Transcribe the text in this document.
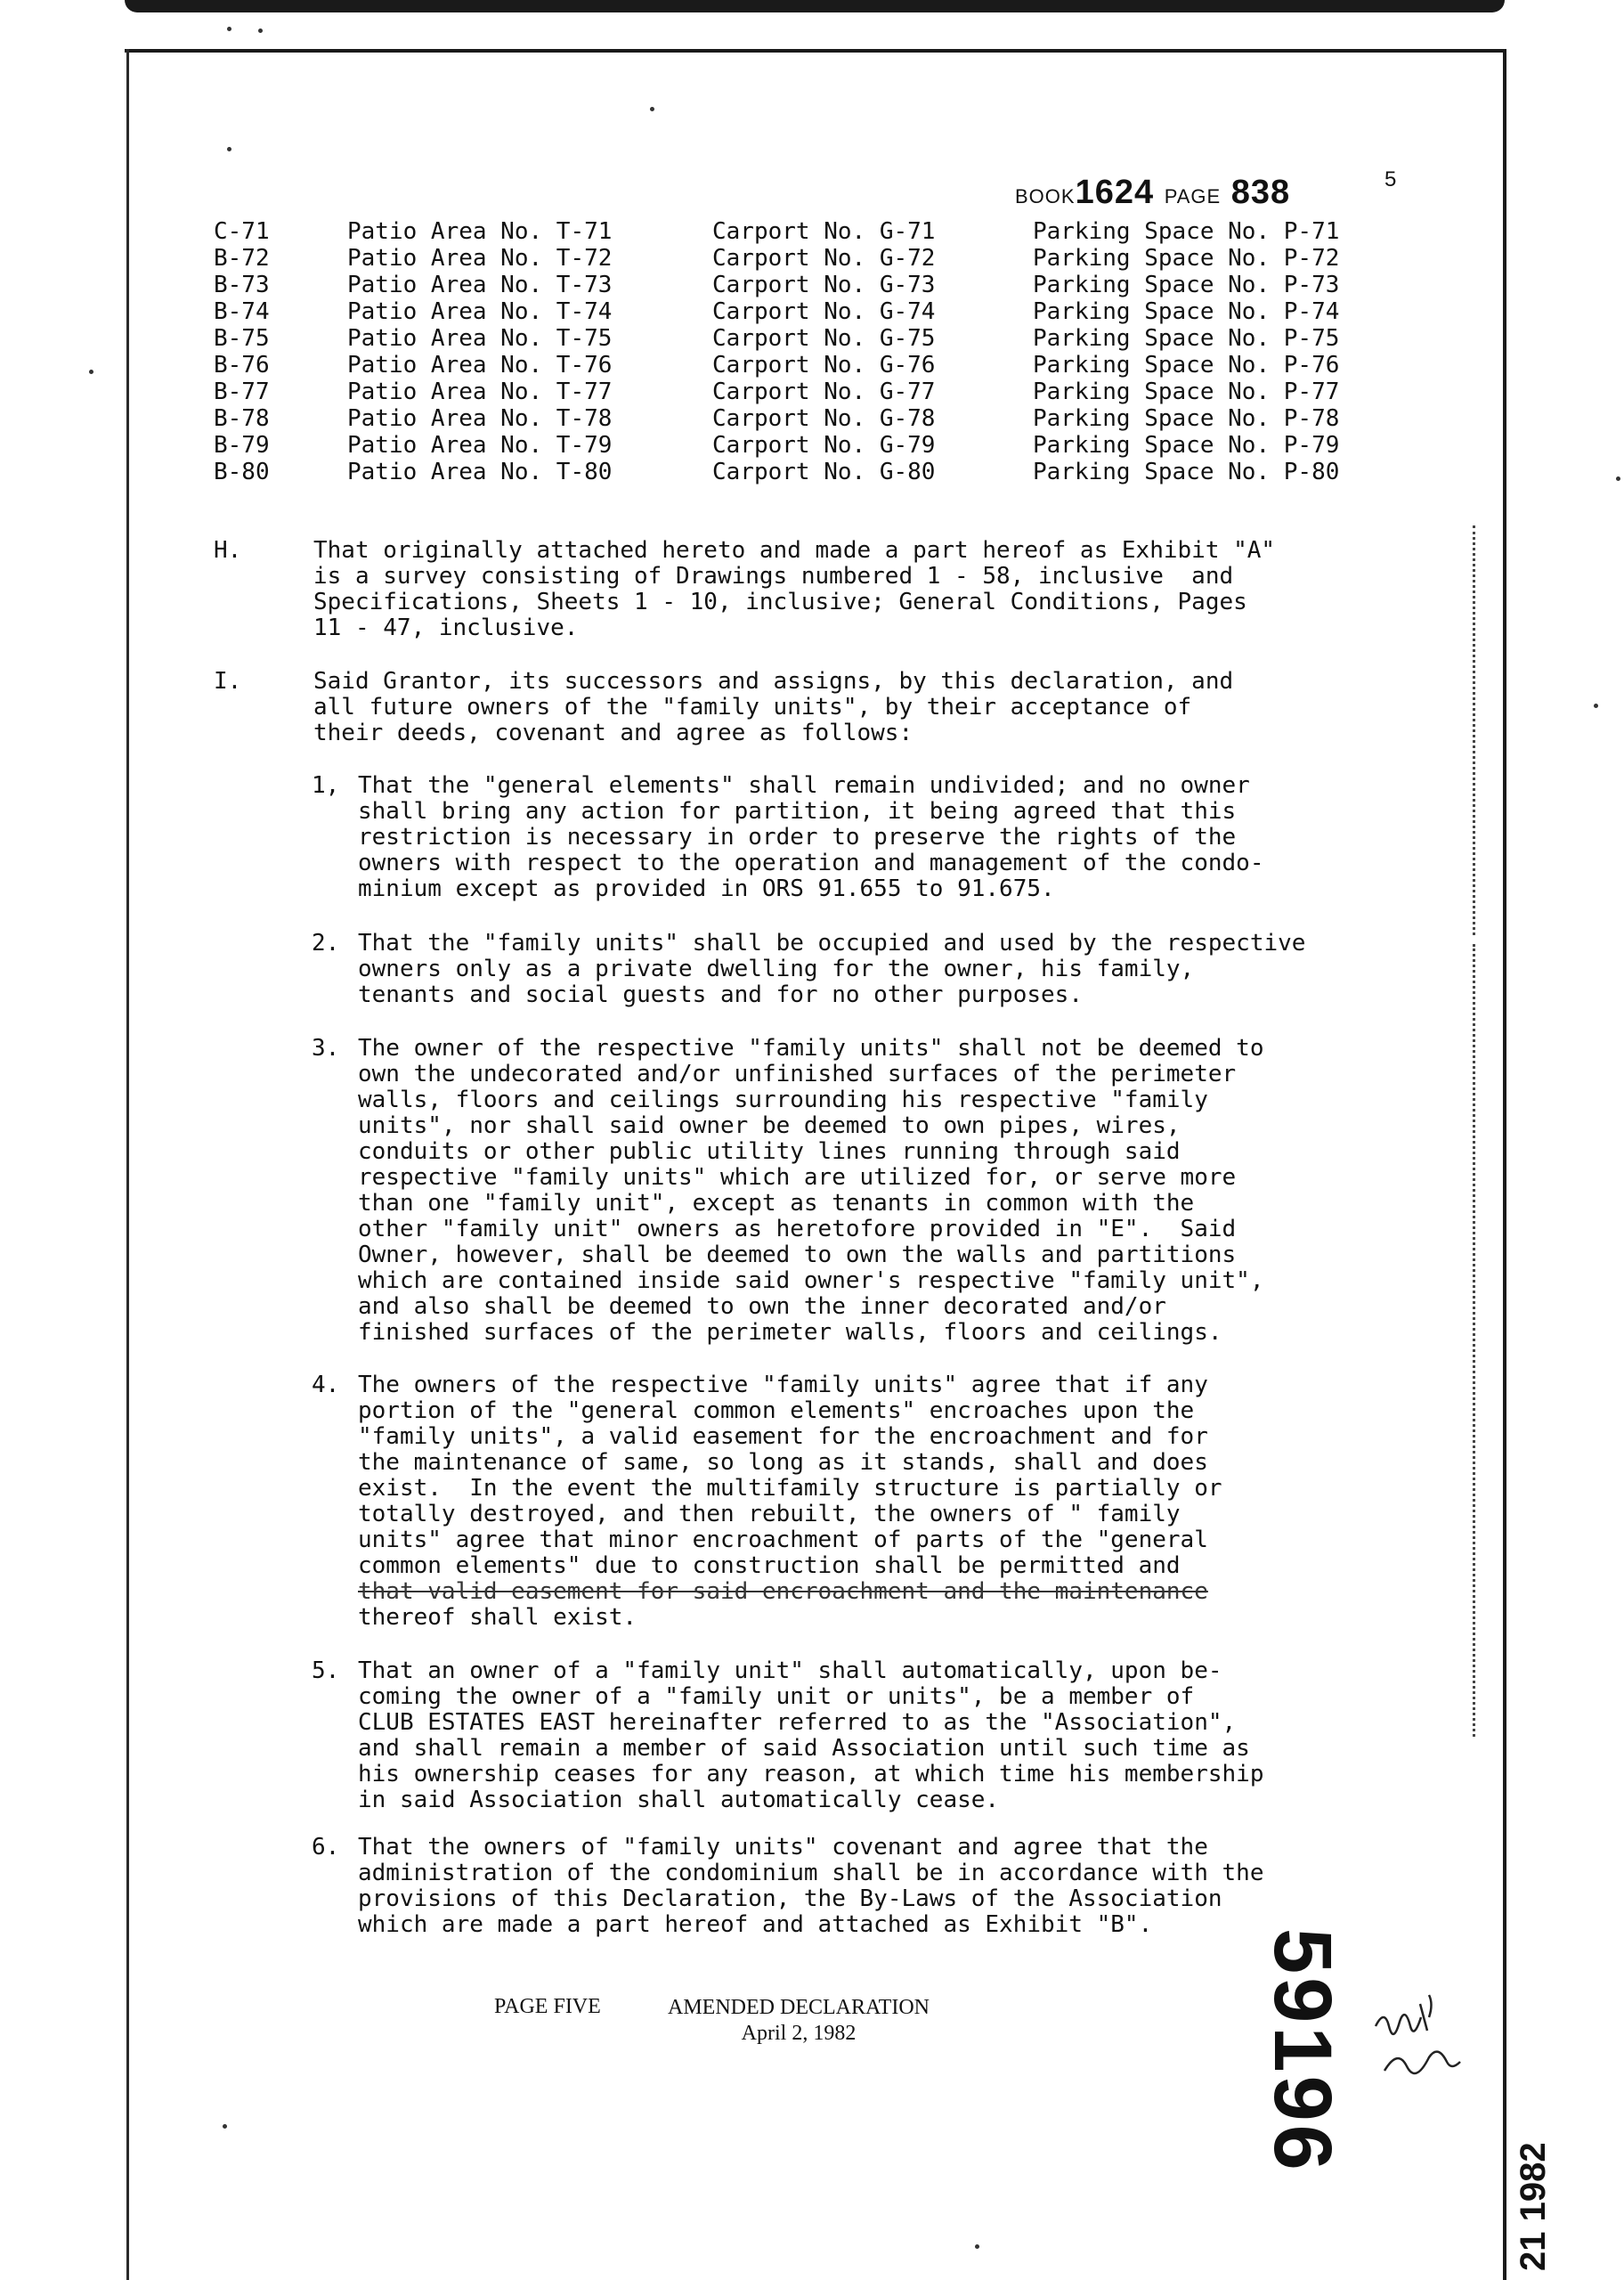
BOOK1624 PAGE 838	5
C-71	Patio Area No. T-71	Carport No. G-71	Parking Space No. P-71
B-72	Patio Area No. T-72	Carport No. G-72	Parking Space No. P-72
B-73	Patio Area No. T-73	Carport No. G-73	Parking Space No. P-73
B-74	Patio Area No. T-74	Carport No. G-74	Parking Space No. P-74
B-75	Patio Area No. T-75	Carport No. G-75	Parking Space No. P-75
B-76	Patio Area No. T-76	Carport No. G-76	Parking Space No. P-76
B-77	Patio Area No. T-77	Carport No. G-77	Parking Space No. P-77
B-78	Patio Area No. T-78	Carport No. G-78	Parking Space No. P-78
B-79	Patio Area No. T-79	Carport No. G-79	Parking Space No. P-79
B-80	Patio Area No. T-80	Carport No. G-80	Parking Space No. P-80
H.	That originally attached hereto and made a part hereof as Exhibit "A"
is a survey consisting of Drawings numbered 1 - 58, inclusive  and
Specifications, Sheets 1 - 10, inclusive; General Conditions, Pages
11 - 47, inclusive.
I.	Said Grantor, its successors and assigns, by this declaration, and
all future owners of the "family units", by their acceptance of
their deeds, covenant and agree as follows:
1, That the "general elements" shall remain undivided; and no owner
shall bring any action for partition, it being agreed that this
restriction is necessary in order to preserve the rights of the
owners with respect to the operation and management of the condo-
minium except as provided in ORS 91.655 to 91.675.
2. That the "family units" shall be occupied and used by the respective
owners only as a private dwelling for the owner, his family,
tenants and social guests and for no other purposes.
3. The owner of the respective "family units" shall not be deemed to
own the undecorated and/or unfinished surfaces of the perimeter
walls, floors and ceilings surrounding his respective "family
units", nor shall said owner be deemed to own pipes, wires,
conduits or other public utility lines running through said
respective "family units" which are utilized for, or serve more
than one "family unit", except as tenants in common with the
other "family unit" owners as heretofore provided in "E".  Said
Owner, however, shall be deemed to own the walls and partitions
which are contained inside said owner's respective "family unit",
and also shall be deemed to own the inner decorated and/or
finished surfaces of the perimeter walls, floors and ceilings.
4. The owners of the respective "family units" agree that if any
portion of the "general common elements" encroaches upon the
"family units", a valid easement for the encroachment and for
the maintenance of same, so long as it stands, shall and does
exist.  In the event the multifamily structure is partially or
totally destroyed, and then rebuilt, the owners of " family
units" agree that minor encroachment of parts of the "general
common elements" due to construction shall be permitted and
that valid easement for said encroachment and the maintenance
thereof shall exist.
5. That an owner of a "family unit" shall automatically, upon be-
coming the owner of a "family unit or units", be a member of
CLUB ESTATES EAST hereinafter referred to as the "Association",
and shall remain a member of said Association until such time as
his ownership ceases for any reason, at which time his membership
in said Association shall automatically cease.
6. That the owners of "family units" covenant and agree that the
administration of the condominium shall be in accordance with the
provisions of this Declaration, the By-Laws of the Association
which are made a part hereof and attached as Exhibit "B".
PAGE FIVE	AMENDED DECLARATION
April 2, 1982	59196
21 1982
